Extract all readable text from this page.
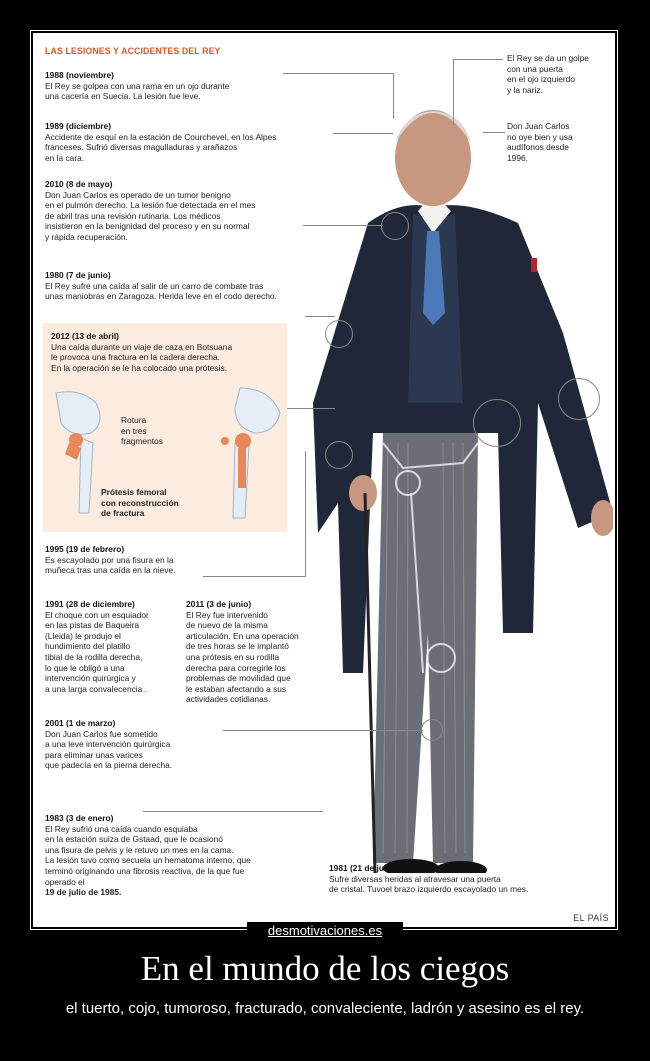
LAS LESIONES Y ACCIDENTES DEL REY
El Rey se da un golpe
con una puerta
en el ojo izquierdo
y la nariz.
Don Juan Carlos
no oye bien y usa
audífonos desde
1996.
1988 (noviembre)
El Rey se golpea con una rama en un ojo durante
una cacería en Suecia. La lesión fue leve.
1989 (diciembre)
Accidente de esquí en la estación de Courchevel, en los Alpes
franceses. Sufrió diversas magulladuras y arañazos
en la cara.
2010 (8 de mayo)
Don Juan Carlos es operado de un tumor benigno
en el pulmón derecho. La lesión fue detectada en el mes
de abril tras una revisión rutinaria. Los médicos
insistieron en la benignidad del proceso y en su normal
y rápida recuperación.
1980 (7 de junio)
El Rey sufre una caída al salir de un carro de combate tras
unas maniobras en Zaragoza. Herida leve en el codo derecho.
2012 (13 de abril)
Una caída durante un viaje de caza en Botsuana
le provoca una fractura en la cadera derecha.
En la operación se le ha colocado una prótesis.
Rotura
en tres
fragmentos
Prótesis femoral
con reconstrucción
de fractura
1995 (19 de febrero)
Es escayolado por una fisura en la
muñeca tras una caída en la nieve.
1991 (28 de diciembre)
El choque con un esquiador
en las pistas de Baqueira
(Lleida) le produjo el
hundimiento del platillo
tibial de la rodilla derecha,
lo que le obligó a una
intervención quirúrgica y
a una larga convalecencia .
2011 (3 de junio)
El Rey fue intervenido
de nuevo de la misma
articulación. En una operación
de tres horas se le implantó
una prótesis en su rodilla
derecha para corregirle los
problemas de movilidad que
le estaban afectando a sus
actividades cotidianas.
2001 (1 de marzo)
Don Juan Carlos fue sometido
a una leve intervención quirúrgica
para eliminar unas varices
que padecía en la pierna derecha.
1983 (3 de enero)
El Rey sufrió una caída cuando esquiaba
en la estación suiza de Gstaad, que le ocasionó
una fisura de pelvis y le retuvo un mes en la cama.
La lesión tuvo como secuela un hematoma interno, que
terminó originando una fibrosis reactiva, de la que fue
operado el
19 de julio de 1985.
1981 (21 de junio)
Sufre diversas heridas al atravesar una puerta
de cristal. Tuvoel brazo izquierdo escayolado un mes.
EL PAÍS
desmotivaciones.es
En el mundo de los ciegos
el tuerto, cojo, tumoroso, fracturado, convaleciente, ladrón y asesino es el rey.
